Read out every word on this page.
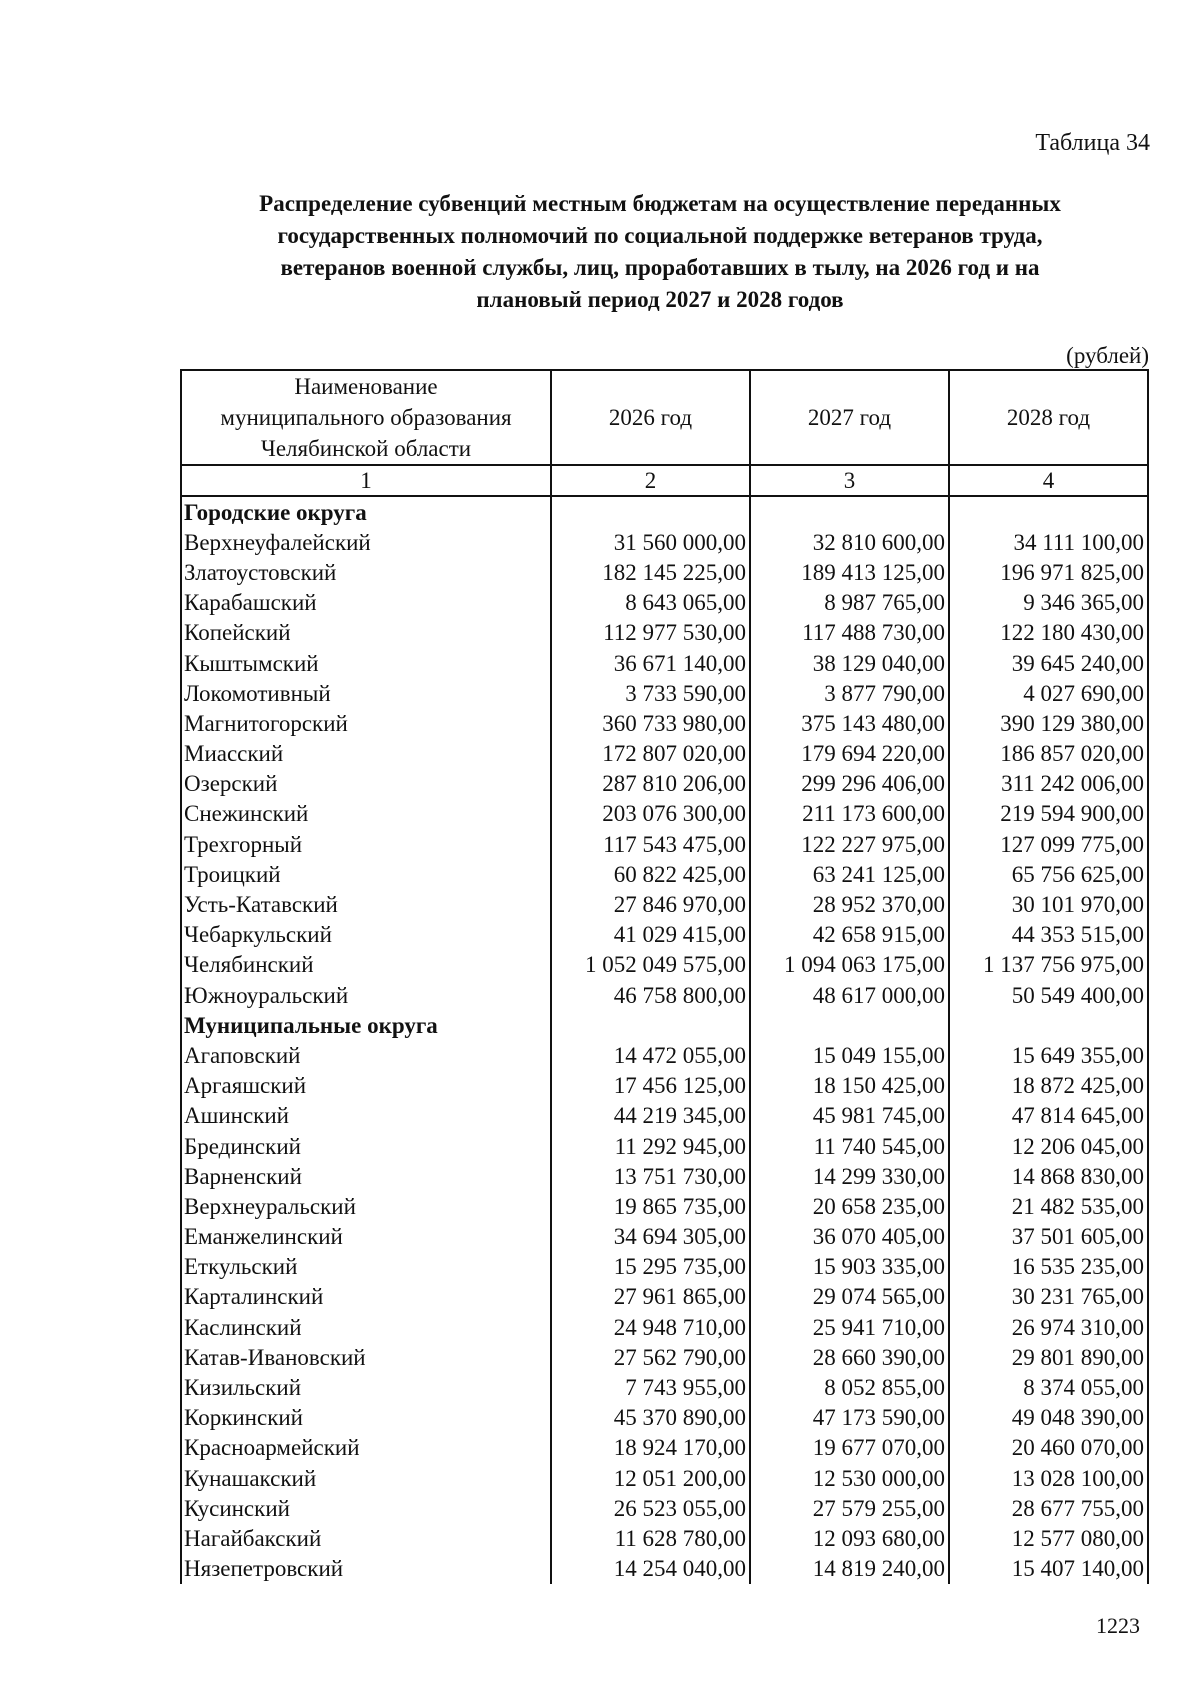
Таблица 34
Распределение субвенций местным бюджетам на осуществление переданных
государственных полномочий по социальной поддержке ветеранов труда,
ветеранов военной службы, лиц, проработавших в тылу, на 2026 год и на
плановый период 2027 и 2028 годов
(рублей)
Наименование
муниципального образования
Челябинской области	2026 год	2027 год	2028 год
1	2	3	4
Городские округа			
Верхнеуфалейский	31 560 000,00	32 810 600,00	34 111 100,00
Златоустовский	182 145 225,00	189 413 125,00	196 971 825,00
Карабашский	8 643 065,00	8 987 765,00	9 346 365,00
Копейский	112 977 530,00	117 488 730,00	122 180 430,00
Кыштымский	36 671 140,00	38 129 040,00	39 645 240,00
Локомотивный	3 733 590,00	3 877 790,00	4 027 690,00
Магнитогорский	360 733 980,00	375 143 480,00	390 129 380,00
Миасский	172 807 020,00	179 694 220,00	186 857 020,00
Озерский	287 810 206,00	299 296 406,00	311 242 006,00
Снежинский	203 076 300,00	211 173 600,00	219 594 900,00
Трехгорный	117 543 475,00	122 227 975,00	127 099 775,00
Троицкий	60 822 425,00	63 241 125,00	65 756 625,00
Усть-Катавский	27 846 970,00	28 952 370,00	30 101 970,00
Чебаркульский	41 029 415,00	42 658 915,00	44 353 515,00
Челябинский	1 052 049 575,00	1 094 063 175,00	1 137 756 975,00
Южноуральский	46 758 800,00	48 617 000,00	50 549 400,00
Муниципальные округа			
Агаповский	14 472 055,00	15 049 155,00	15 649 355,00
Аргаяшский	17 456 125,00	18 150 425,00	18 872 425,00
Ашинский	44 219 345,00	45 981 745,00	47 814 645,00
Брединский	11 292 945,00	11 740 545,00	12 206 045,00
Варненский	13 751 730,00	14 299 330,00	14 868 830,00
Верхнеуральский	19 865 735,00	20 658 235,00	21 482 535,00
Еманжелинский	34 694 305,00	36 070 405,00	37 501 605,00
Еткульский	15 295 735,00	15 903 335,00	16 535 235,00
Карталинский	27 961 865,00	29 074 565,00	30 231 765,00
Каслинский	24 948 710,00	25 941 710,00	26 974 310,00
Катав-Ивановский	27 562 790,00	28 660 390,00	29 801 890,00
Кизильский	7 743 955,00	8 052 855,00	8 374 055,00
Коркинский	45 370 890,00	47 173 590,00	49 048 390,00
Красноармейский	18 924 170,00	19 677 070,00	20 460 070,00
Кунашакский	12 051 200,00	12 530 000,00	13 028 100,00
Кусинский	26 523 055,00	27 579 255,00	28 677 755,00
Нагайбакский	11 628 780,00	12 093 680,00	12 577 080,00
Нязепетровский	14 254 040,00	14 819 240,00	15 407 140,00
1223
